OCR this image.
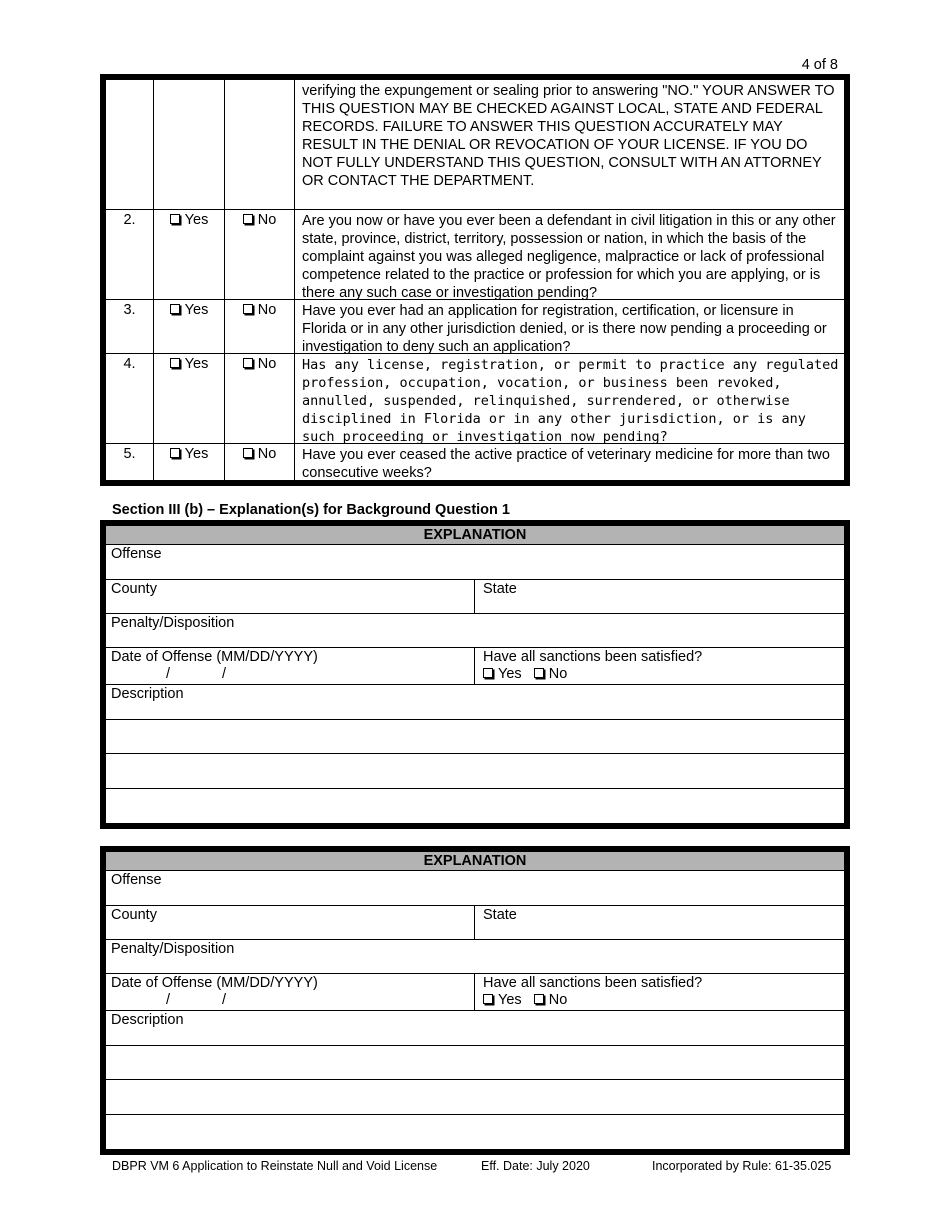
4 of 8
verifying the expungement or sealing prior to answering "NO." YOUR ANSWER TO THIS QUESTION MAY BE CHECKED AGAINST LOCAL, STATE AND FEDERAL RECORDS. FAILURE TO ANSWER THIS QUESTION ACCURATELY MAY RESULT IN THE DENIAL OR REVOCATION OF YOUR LICENSE. IF YOU DO NOT FULLY UNDERSTAND THIS QUESTION, CONSULT WITH AN ATTORNEY OR CONTACT THE DEPARTMENT.
2.	Yes	No	Are you now or have you ever been a defendant in civil litigation in this or any other state, province, district, territory, possession or nation, in which the basis of the complaint against you was alleged negligence, malpractice or lack of professional competence related to the practice or profession for which you are applying, or is there any such case or investigation pending?
3.	Yes	No	Have you ever had an application for registration, certification, or licensure in Florida or in any other jurisdiction denied, or is there now pending a proceeding or investigation to deny such an application?
4.	Yes	No	Has any license, registration, or permit to practice any regulated profession, occupation, vocation, or business been revoked, annulled, suspended, relinquished, surrendered, or otherwise disciplined in Florida or in any other jurisdiction, or is any such proceeding or investigation now pending?
5.	Yes	No	Have you ever ceased the active practice of veterinary medicine for more than two consecutive weeks?
Section III (b) – Explanation(s) for Background Question 1
EXPLANATION
Offense
County	State
Penalty/Disposition
Date of Offense (MM/DD/YYYY)
/	/
Have all sanctions been satisfied?
Yes No
Description
EXPLANATION
Offense
County	State
Penalty/Disposition
Date of Offense (MM/DD/YYYY)
/	/
Have all sanctions been satisfied?
Yes No
Description
DBPR VM 6 Application to Reinstate Null and Void License	Eff. Date: July 2020	Incorporated by Rule: 61-35.025
